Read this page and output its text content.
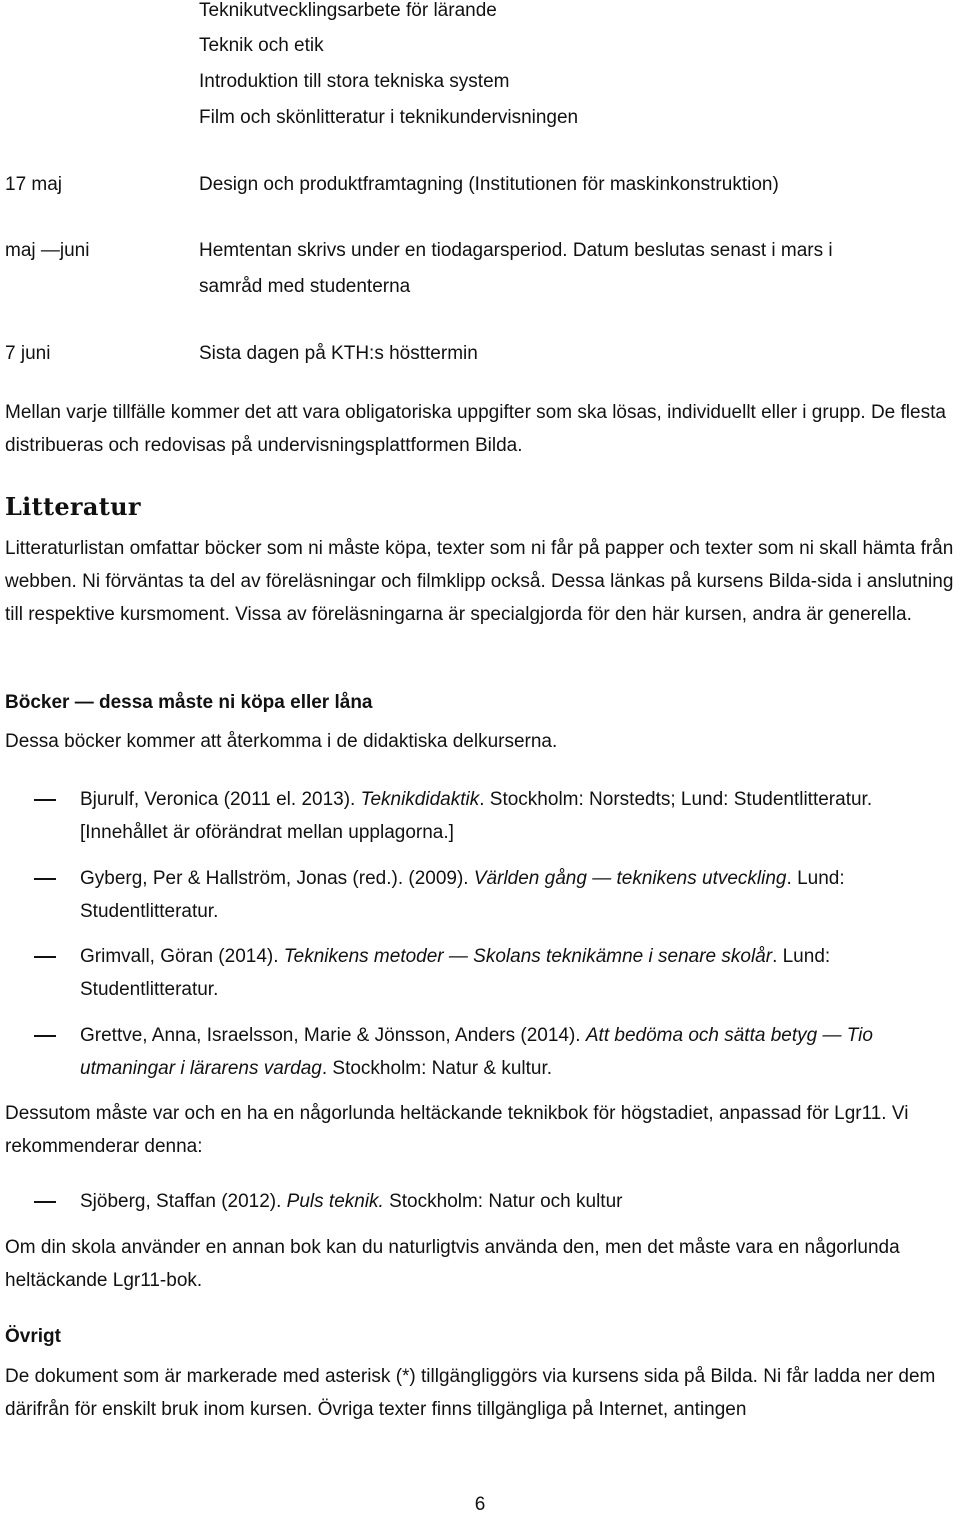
Teknikutvecklingsarbete för lärande
Teknik och etik
Introduktion till stora tekniska system
Film och skönlitteratur i teknikundervisningen
17 maj	Design och produktframtagning (Institutionen för maskinkonstruktion)
maj —juni	Hemtentan skrivs under en tiodagarsperiod. Datum beslutas senast i mars i
samråd med studenterna
7 juni	Sista dagen på KTH:s hösttermin
Mellan varje tillfälle kommer det att vara obligatoriska uppgifter som ska lösas, individuellt eller i grupp. De flesta distribueras och redovisas på undervisningsplattformen Bilda.
Litteratur
Litteraturlistan omfattar böcker som ni måste köpa, texter som ni får på papper och texter som ni skall hämta från webben. Ni förväntas ta del av föreläsningar och filmklipp också. Dessa länkas på kursens Bilda-sida i anslutning till respektive kursmoment. Vissa av föreläsningarna är specialgjorda för den här kursen, andra är generella.
Böcker — dessa måste ni köpa eller låna
Dessa böcker kommer att återkomma i de didaktiska delkurserna.
Bjurulf, Veronica (2011 el. 2013). Teknikdidaktik. Stockholm: Norstedts; Lund: Studentlitteratur. [Innehållet är oförändrat mellan upplagorna.]
Gyberg, Per & Hallström, Jonas (red.). (2009). Världen gång — teknikens utveckling. Lund: Studentlitteratur.
Grimvall, Göran (2014). Teknikens metoder — Skolans teknikämne i senare skolår. Lund: Studentlitteratur.
Grettve, Anna, Israelsson, Marie & Jönsson, Anders (2014). Att bedöma och sätta betyg — Tio utmaningar i lärarens vardag. Stockholm: Natur & kultur.
Dessutom måste var och en ha en någorlunda heltäckande teknikbok för högstadiet, anpassad för Lgr11. Vi rekommenderar denna:
Sjöberg, Staffan (2012). Puls teknik. Stockholm: Natur och kultur
Om din skola använder en annan bok kan du naturligtvis använda den, men det måste vara en någorlunda heltäckande Lgr11-bok.
Övrigt
De dokument som är markerade med asterisk (*) tillgängliggörs via kursens sida på Bilda. Ni får ladda ner dem därifrån för enskilt bruk inom kursen. Övriga texter finns tillgängliga på Internet, antingen
6
